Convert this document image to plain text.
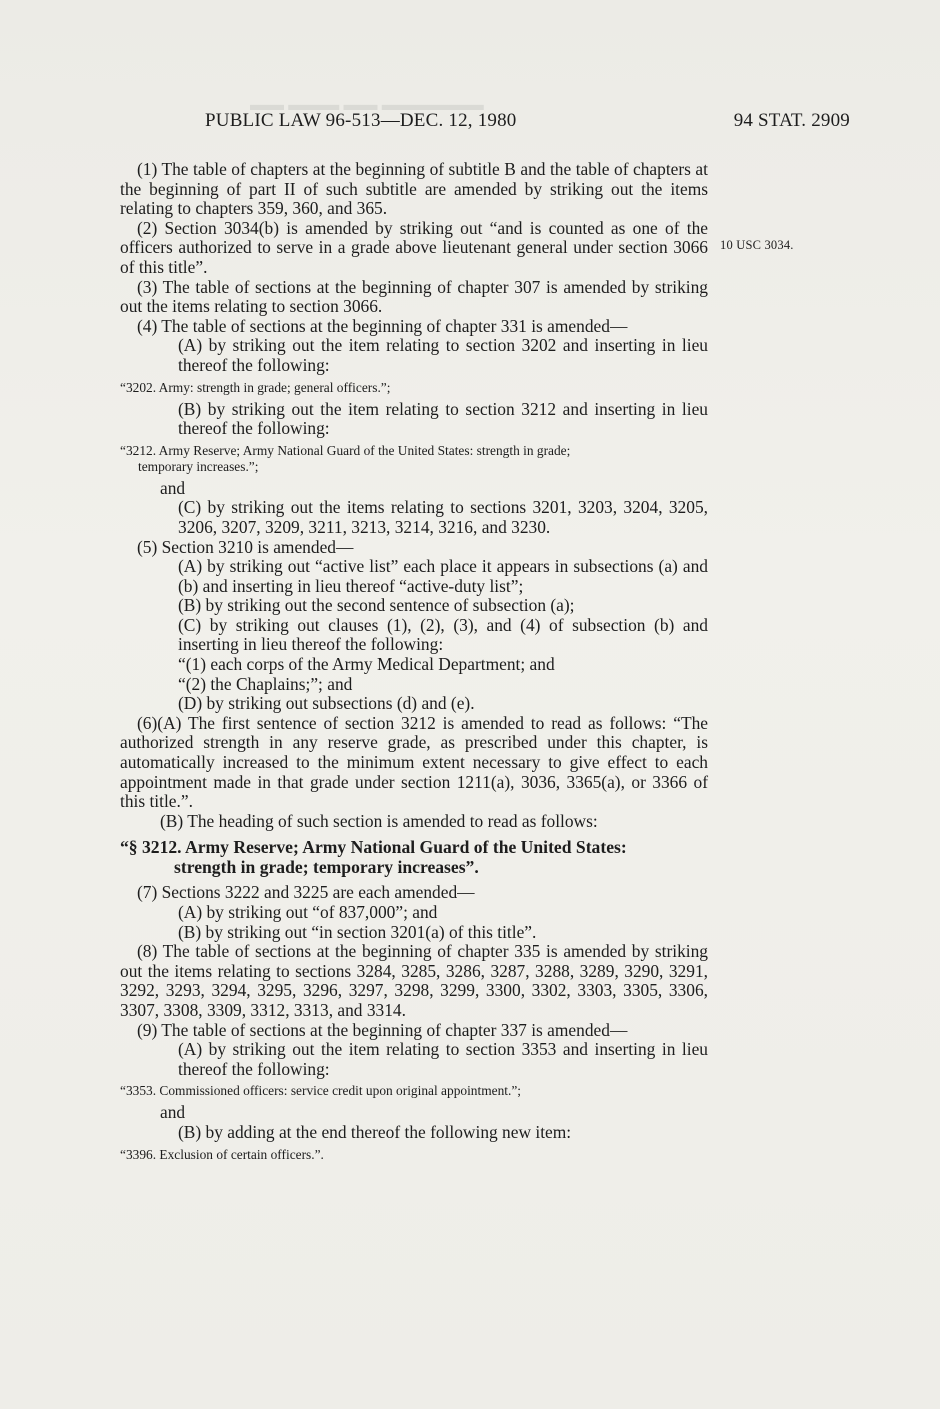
▬▬▬▬▬▬ ▬▬ ▬▬▬ ▬▬
PUBLIC LAW 96-513—DEC. 12, 1980	94 STAT. 2909
10 USC 3034.

(1) The table of chapters at the beginning of subtitle B and the table of chapters at the beginning of part II of such subtitle are amended by striking out the items relating to chapters 359, 360, and 365.

(2) Section 3034(b) is amended by striking out “and is counted as one of the officers authorized to serve in a grade above lieutenant general under section 3066 of this title”.

(3) The table of sections at the beginning of chapter 307 is amended by striking out the items relating to section 3066.

(4) The table of sections at the beginning of chapter 331 is amended—

(A) by striking out the item relating to section 3202 and inserting in lieu thereof the following:

“3202. Army: strength in grade; general officers.”;

(B) by striking out the item relating to section 3212 and inserting in lieu thereof the following:

“3212. Army Reserve; Army National Guard of the United States: strength in grade;
temporary increases.”;

and

(C) by striking out the items relating to sections 3201, 3203, 3204, 3205, 3206, 3207, 3209, 3211, 3213, 3214, 3216, and 3230.

(5) Section 3210 is amended—

(A) by striking out “active list” each place it appears in subsections (a) and (b) and inserting in lieu thereof “active-duty list”;

(B) by striking out the second sentence of subsection (a);

(C) by striking out clauses (1), (2), (3), and (4) of subsection (b) and inserting in lieu thereof the following:

“(1) each corps of the Army Medical Department; and

“(2) the Chaplains;”; and

(D) by striking out subsections (d) and (e).

(6)(A) The first sentence of section 3212 is amended to read as follows: “The authorized strength in any reserve grade, as prescribed under this chapter, is automatically increased to the minimum extent necessary to give effect to each appointment made in that grade under section 1211(a), 3036, 3365(a), or 3366 of this title.”.

(B) The heading of such section is amended to read as follows:

“§ 3212. Army Reserve; Army National Guard of the United States:
strength in grade; temporary increases”.

(7) Sections 3222 and 3225 are each amended—

(A) by striking out “of 837,000”; and

(B) by striking out “in section 3201(a) of this title”.

(8) The table of sections at the beginning of chapter 335 is amended by striking out the items relating to sections 3284, 3285, 3286, 3287, 3288, 3289, 3290, 3291, 3292, 3293, 3294, 3295, 3296, 3297, 3298, 3299, 3300, 3302, 3303, 3305, 3306, 3307, 3308, 3309, 3312, 3313, and 3314.

(9) The table of sections at the beginning of chapter 337 is amended—

(A) by striking out the item relating to section 3353 and inserting in lieu thereof the following:

“3353. Commissioned officers: service credit upon original appointment.”;

and

(B) by adding at the end thereof the following new item:

“3396. Exclusion of certain officers.”.
